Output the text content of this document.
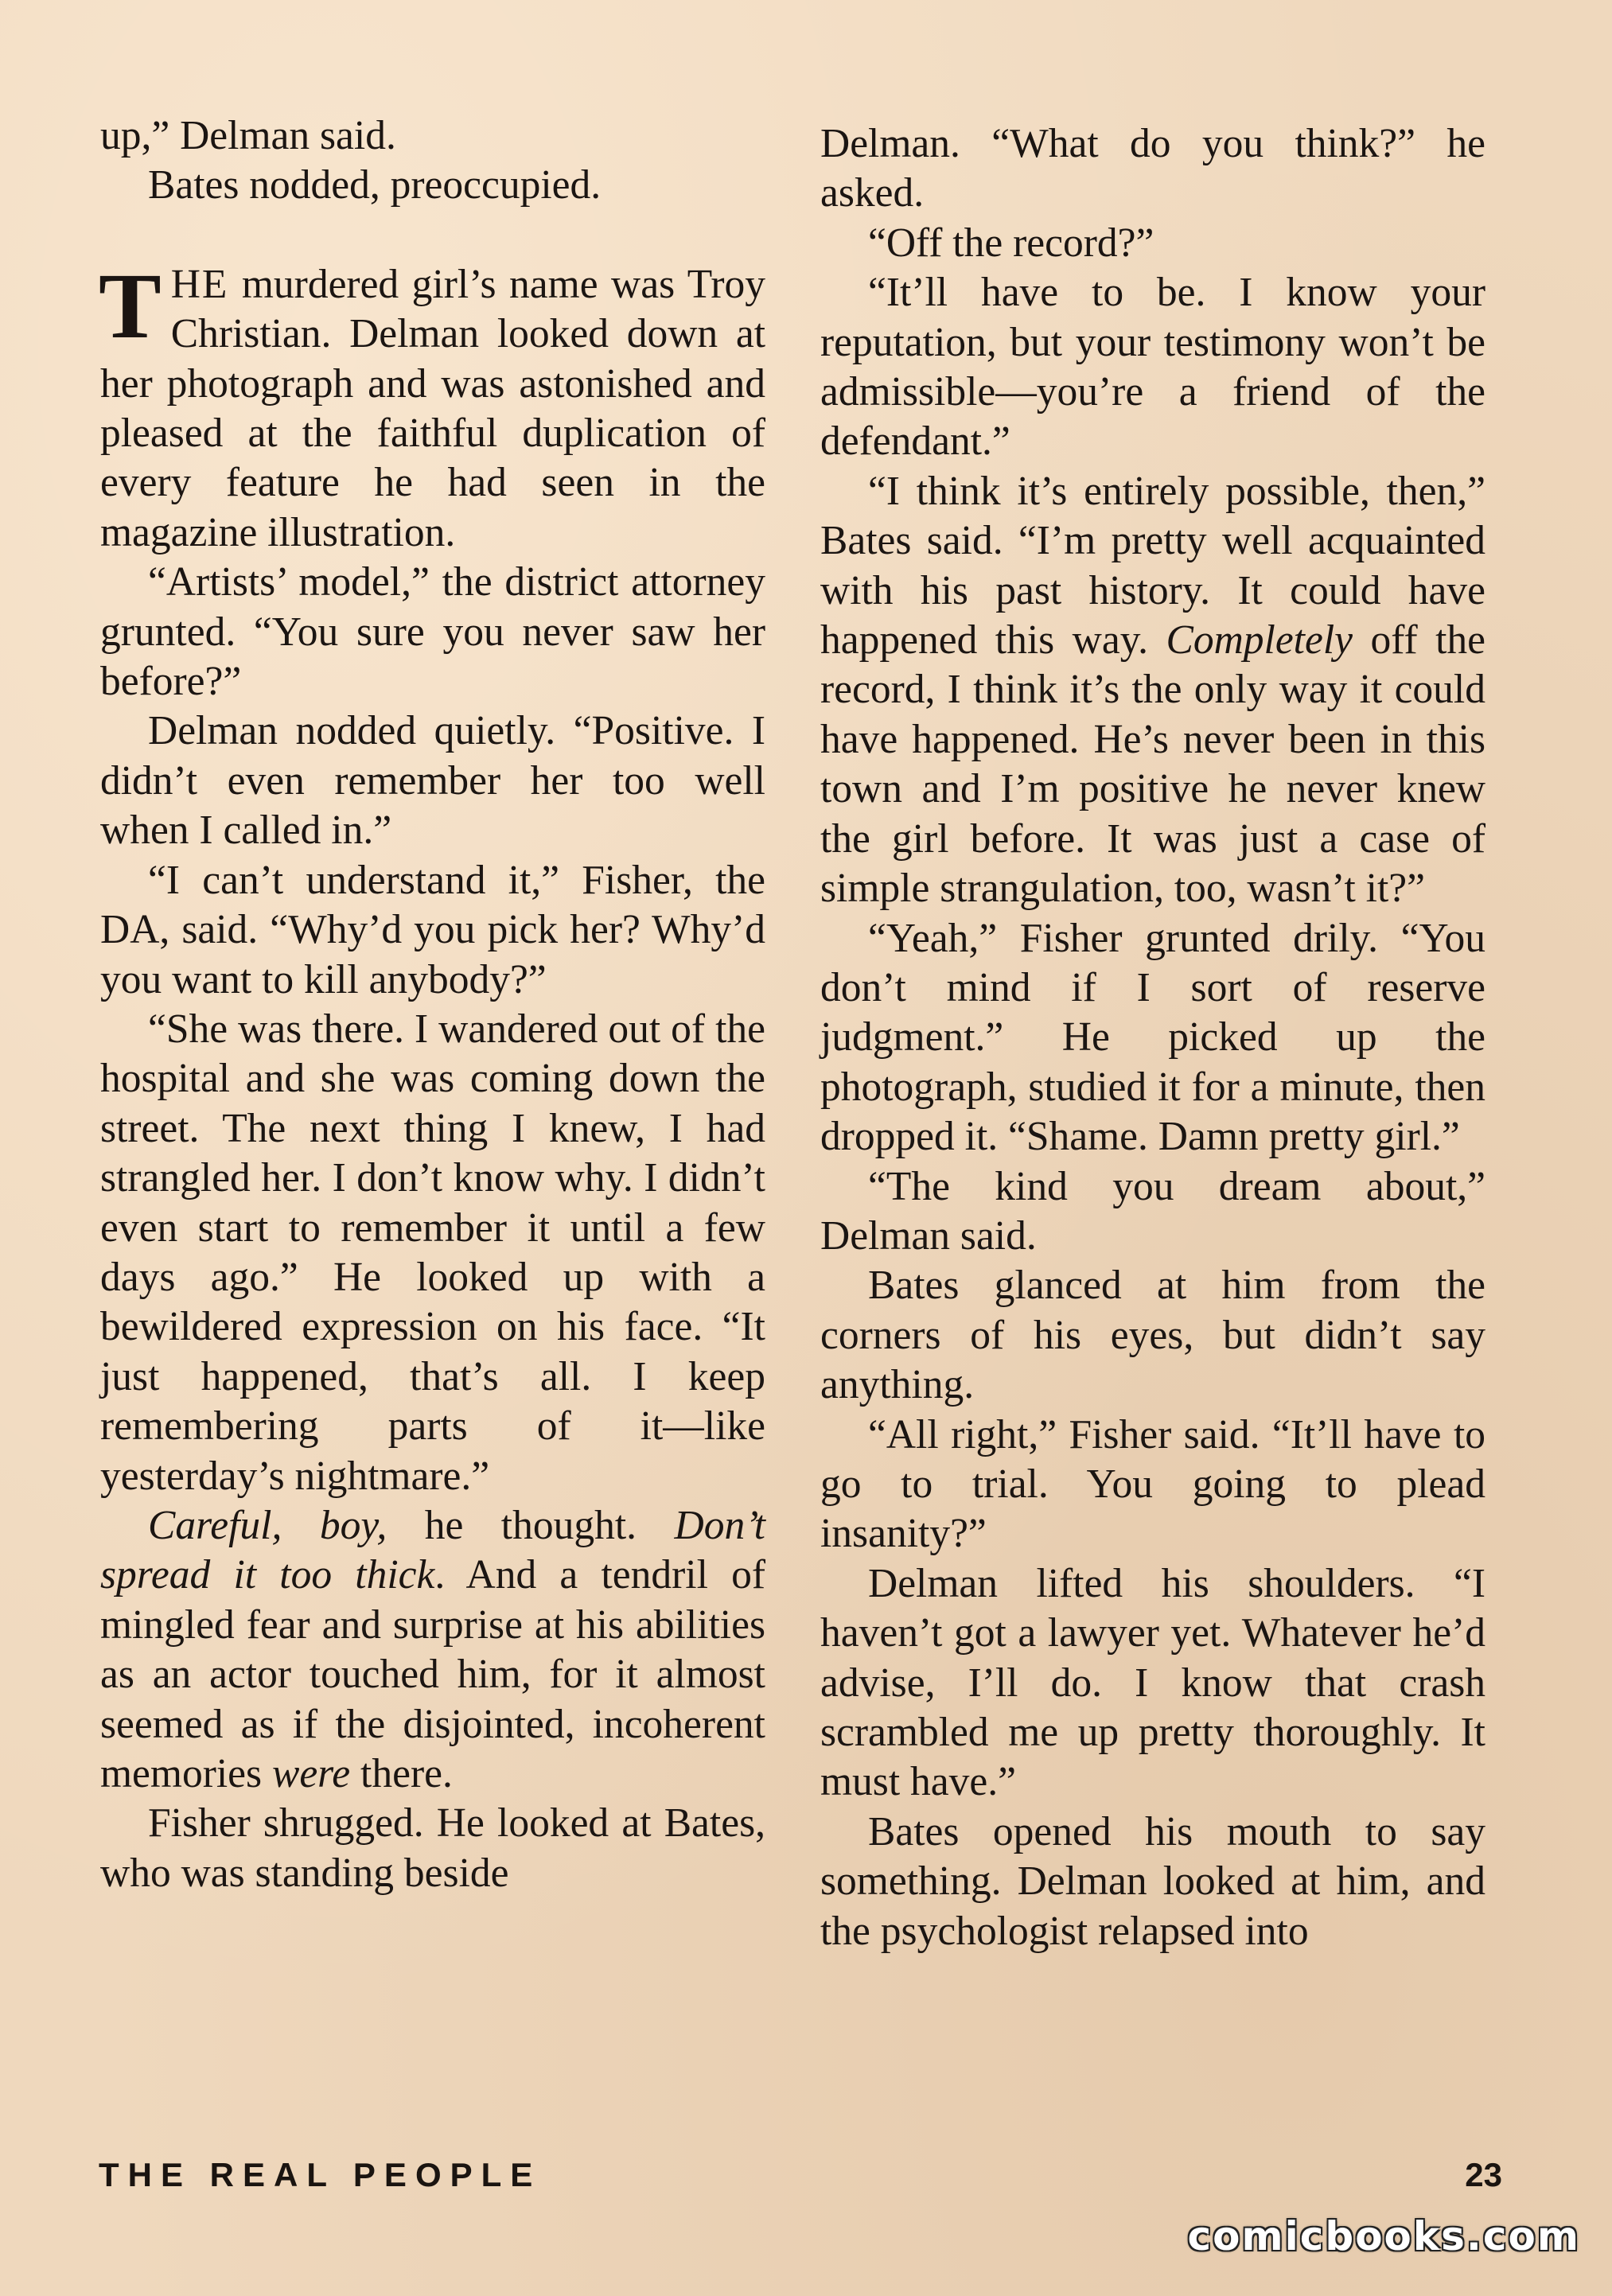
up,” Delman said.

Bates nodded, preoccupied.

THE murdered girl’s name was Troy Christian. Delman looked down at her photograph and was astonished and pleased at the faithful duplication of every feature he had seen in the magazine illustration.

“Artists’ model,” the district attorney grunted. “You sure you never saw her before?”

Delman nodded quietly. “Positive. I didn’t even remember her too well when I called in.”

“I can’t understand it,” Fisher, the DA, said. “Why’d you pick her? Why’d you want to kill anybody?”

“She was there. I wandered out of the hospital and she was coming down the street. The next thing I knew, I had strangled her. I don’t know why. I didn’t even start to remember it until a few days ago.” He looked up with a bewildered expression on his face. “It just happened, that’s all. I keep remembering parts of it—like yesterday’s nightmare.”

Careful, boy, he thought. Don’t spread it too thick. And a tendril of mingled fear and surprise at his abilities as an actor touched him, for it almost seemed as if the disjointed, incoherent memories were there.

Fisher shrugged. He looked at Bates, who was standing beside

Delman. “What do you think?” he asked.

“Off the record?”

“It’ll have to be. I know your reputation, but your testimony won’t be admissible—you’re a friend of the defendant.”

“I think it’s entirely possible, then,” Bates said. “I’m pretty well acquainted with his past history. It could have happened this way. Completely off the record, I think it’s the only way it could have happened. He’s never been in this town and I’m positive he never knew the girl before. It was just a case of simple strangulation, too, wasn’t it?”

“Yeah,” Fisher grunted drily. “You don’t mind if I sort of reserve judgment.” He picked up the photograph, studied it for a minute, then dropped it. “Shame. Damn pretty girl.”

“The kind you dream about,” Delman said.

Bates glanced at him from the corners of his eyes, but didn’t say anything.

“All right,” Fisher said. “It’ll have to go to trial. You going to plead insanity?”

Delman lifted his shoulders. “I haven’t got a lawyer yet. Whatever he’d advise, I’ll do. I know that crash scrambled me up pretty thoroughly. It must have.”

Bates opened his mouth to say something. Delman looked at him, and the psychologist relapsed into

THE REAL PEOPLE	23
comicbooks.com
